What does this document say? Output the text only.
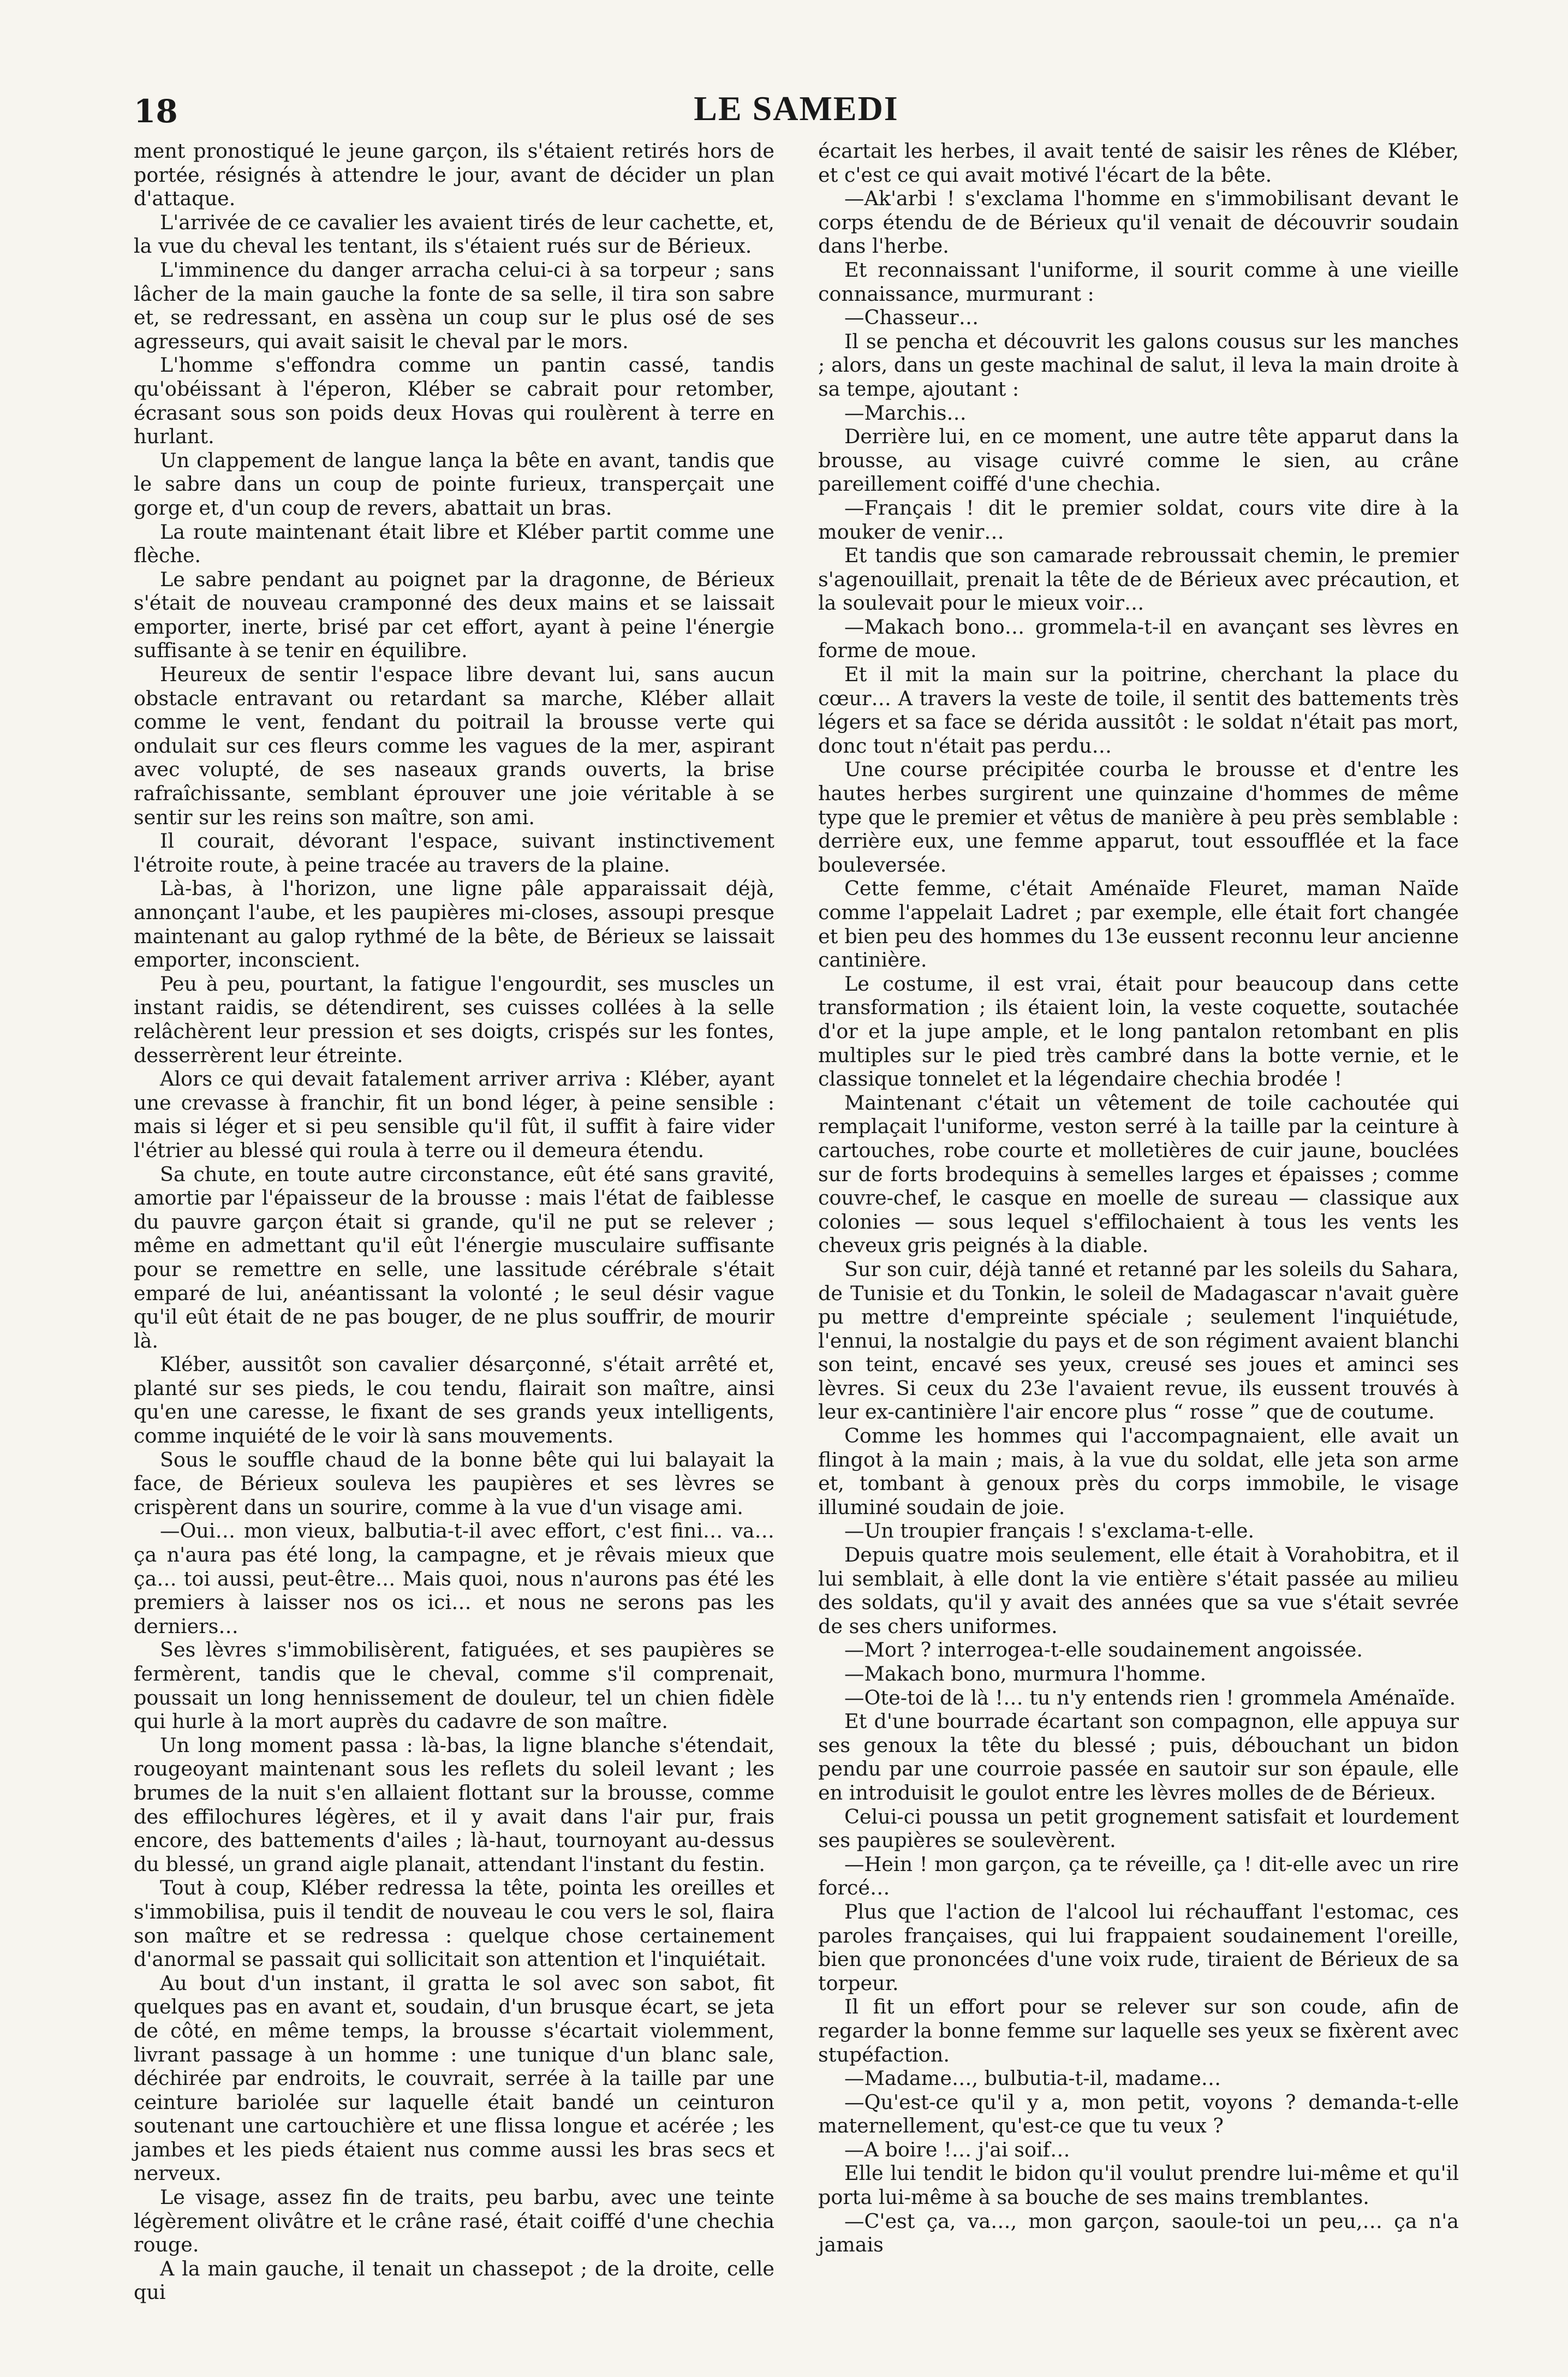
18	LE SAMEDI

ment pronostiqué le jeune garçon, ils s'étaient retirés hors de portée, résignés à attendre le jour, avant de décider un plan d'attaque.

L'arrivée de ce cavalier les avaient tirés de leur cachette, et, la vue du cheval les tentant, ils s'étaient rués sur de Bérieux.

L'imminence du danger arracha celui-ci à sa torpeur ; sans lâcher de la main gauche la fonte de sa selle, il tira son sabre et, se redressant, en assèna un coup sur le plus osé de ses agresseurs, qui avait saisit le cheval par le mors.

L'homme s'effondra comme un pantin cassé, tandis qu'obéissant à l'éperon, Kléber se cabrait pour retomber, écrasant sous son poids deux Hovas qui roulèrent à terre en hurlant.

Un clappement de langue lança la bête en avant, tandis que le sabre dans un coup de pointe furieux, transperçait une gorge et, d'un coup de revers, abattait un bras.

La route maintenant était libre et Kléber partit comme une flèche.

Le sabre pendant au poignet par la dragonne, de Bérieux s'était de nouveau cramponné des deux mains et se laissait emporter, inerte, brisé par cet effort, ayant à peine l'énergie suffisante à se tenir en équilibre.

Heureux de sentir l'espace libre devant lui, sans aucun obstacle entravant ou retardant sa marche, Kléber allait comme le vent, fendant du poitrail la brousse verte qui ondulait sur ces fleurs comme les vagues de la mer, aspirant avec volupté, de ses naseaux grands ouverts, la brise rafraîchissante, semblant éprouver une joie véritable à se sentir sur les reins son maître, son ami.

Il courait, dévorant l'espace, suivant instinctivement l'étroite route, à peine tracée au travers de la plaine.

Là-bas, à l'horizon, une ligne pâle apparaissait déjà, annonçant l'aube, et les paupières mi-closes, assoupi presque maintenant au galop rythmé de la bête, de Bérieux se laissait emporter, inconscient.

Peu à peu, pourtant, la fatigue l'engourdit, ses muscles un instant raidis, se détendirent, ses cuisses collées à la selle relâchèrent leur pression et ses doigts, crispés sur les fontes, desserrèrent leur étreinte.

Alors ce qui devait fatalement arriver arriva : Kléber, ayant une crevasse à franchir, fit un bond léger, à peine sensible : mais si léger et si peu sensible qu'il fût, il suffit à faire vider l'étrier au blessé qui roula à terre ou il demeura étendu.

Sa chute, en toute autre circonstance, eût été sans gravité, amortie par l'épaisseur de la brousse : mais l'état de faiblesse du pauvre garçon était si grande, qu'il ne put se relever ; même en admettant qu'il eût l'énergie musculaire suffisante pour se remettre en selle, une lassitude cérébrale s'était emparé de lui, anéantissant la volonté ; le seul désir vague qu'il eût était de ne pas bouger, de ne plus souffrir, de mourir là.

Kléber, aussitôt son cavalier désarçonné, s'était arrêté et, planté sur ses pieds, le cou tendu, flairait son maître, ainsi qu'en une caresse, le fixant de ses grands yeux intelligents, comme inquiété de le voir là sans mouvements.

Sous le souffle chaud de la bonne bête qui lui balayait la face, de Bérieux souleva les paupières et ses lèvres se crispèrent dans un sourire, comme à la vue d'un visage ami.

—Oui… mon vieux, balbutia-t-il avec effort, c'est fini… va… ça n'aura pas été long, la campagne, et je rêvais mieux que ça… toi aussi, peut-être… Mais quoi, nous n'aurons pas été les premiers à laisser nos os ici… et nous ne serons pas les derniers…

Ses lèvres s'immobilisèrent, fatiguées, et ses paupières se fermèrent, tandis que le cheval, comme s'il comprenait, poussait un long hennissement de douleur, tel un chien fidèle qui hurle à la mort auprès du cadavre de son maître.

Un long moment passa : là-bas, la ligne blanche s'étendait, rougeoyant maintenant sous les reflets du soleil levant ; les brumes de la nuit s'en allaient flottant sur la brousse, comme des effilochures légères, et il y avait dans l'air pur, frais encore, des battements d'ailes ; là-haut, tournoyant au-dessus du blessé, un grand aigle planait, attendant l'instant du festin.

Tout à coup, Kléber redressa la tête, pointa les oreilles et s'immobilisa, puis il tendit de nouveau le cou vers le sol, flaira son maître et se redressa : quelque chose certainement d'anormal se passait qui sollicitait son attention et l'inquiétait.

Au bout d'un instant, il gratta le sol avec son sabot, fit quelques pas en avant et, soudain, d'un brusque écart, se jeta de côté, en même temps, la brousse s'écartait violemment, livrant passage à un homme : une tunique d'un blanc sale, déchirée par endroits, le couvrait, serrée à la taille par une ceinture bariolée sur laquelle était bandé un ceinturon soutenant une cartouchière et une flissa longue et acérée ; les jambes et les pieds étaient nus comme aussi les bras secs et nerveux.

Le visage, assez fin de traits, peu barbu, avec une teinte légèrement olivâtre et le crâne rasé, était coiffé d'une chechia rouge.

A la main gauche, il tenait un chassepot ; de la droite, celle qui

écartait les herbes, il avait tenté de saisir les rênes de Kléber, et c'est ce qui avait motivé l'écart de la bête.

—Ak'arbi ! s'exclama l'homme en s'immobilisant devant le corps étendu de de Bérieux qu'il venait de découvrir soudain dans l'herbe.

Et reconnaissant l'uniforme, il sourit comme à une vieille connaissance, murmurant :

—Chasseur…

Il se pencha et découvrit les galons cousus sur les manches ; alors, dans un geste machinal de salut, il leva la main droite à sa tempe, ajoutant :

—Marchis…

Derrière lui, en ce moment, une autre tête apparut dans la brousse, au visage cuivré comme le sien, au crâne pareillement coiffé d'une chechia.

—Français ! dit le premier soldat, cours vite dire à la mouker de venir…

Et tandis que son camarade rebroussait chemin, le premier s'agenouillait, prenait la tête de de Bérieux avec précaution, et la soulevait pour le mieux voir…

—Makach bono… grommela-t-il en avançant ses lèvres en forme de moue.

Et il mit la main sur la poitrine, cherchant la place du cœur… A travers la veste de toile, il sentit des battements très légers et sa face se dérida aussitôt : le soldat n'était pas mort, donc tout n'était pas perdu…

Une course précipitée courba le brousse et d'entre les hautes herbes surgirent une quinzaine d'hommes de même type que le premier et vêtus de manière à peu près semblable : derrière eux, une femme apparut, tout essoufflée et la face bouleversée.

Cette femme, c'était Aménaïde Fleuret, maman Naïde comme l'appelait Ladret ; par exemple, elle était fort changée et bien peu des hommes du 13e eussent reconnu leur ancienne cantinière.

Le costume, il est vrai, était pour beaucoup dans cette transformation ; ils étaient loin, la veste coquette, soutachée d'or et la jupe ample, et le long pantalon retombant en plis multiples sur le pied très cambré dans la botte vernie, et le classique tonnelet et la légendaire chechia brodée !

Maintenant c'était un vêtement de toile cachoutée qui remplaçait l'uniforme, veston serré à la taille par la ceinture à cartouches, robe courte et molletières de cuir jaune, bouclées sur de forts brodequins à semelles larges et épaisses ; comme couvre-chef, le casque en moelle de sureau — classique aux colonies — sous lequel s'effilochaient à tous les vents les cheveux gris peignés à la diable.

Sur son cuir, déjà tanné et retanné par les soleils du Sahara, de Tunisie et du Tonkin, le soleil de Madagascar n'avait guère pu mettre d'empreinte spéciale ; seulement l'inquiétude, l'ennui, la nostalgie du pays et de son régiment avaient blanchi son teint, encavé ses yeux, creusé ses joues et aminci ses lèvres. Si ceux du 23e l'avaient revue, ils eussent trouvés à leur ex-cantinière l'air encore plus “ rosse ” que de coutume.

Comme les hommes qui l'accompagnaient, elle avait un flingot à la main ; mais, à la vue du soldat, elle jeta son arme et, tombant à genoux près du corps immobile, le visage illuminé soudain de joie.

—Un troupier français ! s'exclama-t-elle.

Depuis quatre mois seulement, elle était à Vorahobitra, et il lui semblait, à elle dont la vie entière s'était passée au milieu des soldats, qu'il y avait des années que sa vue s'était sevrée de ses chers uniformes.

—Mort ? interrogea-t-elle soudainement angoissée.

—Makach bono, murmura l'homme.

—Ote-toi de là !… tu n'y entends rien ! grommela Aménaïde.

Et d'une bourrade écartant son compagnon, elle appuya sur ses genoux la tête du blessé ; puis, débouchant un bidon pendu par une courroie passée en sautoir sur son épaule, elle en introduisit le goulot entre les lèvres molles de de Bérieux.

Celui-ci poussa un petit grognement satisfait et lourdement ses paupières se soulevèrent.

—Hein ! mon garçon, ça te réveille, ça ! dit-elle avec un rire forcé…

Plus que l'action de l'alcool lui réchauffant l'estomac, ces paroles françaises, qui lui frappaient soudainement l'oreille, bien que prononcées d'une voix rude, tiraient de Bérieux de sa torpeur.

Il fit un effort pour se relever sur son coude, afin de regarder la bonne femme sur laquelle ses yeux se fixèrent avec stupéfaction.

—Madame…, bulbutia-t-il, madame…

—Qu'est-ce qu'il y a, mon petit, voyons ? demanda-t-elle maternellement, qu'est-ce que tu veux ?

—A boire !… j'ai soif…

Elle lui tendit le bidon qu'il voulut prendre lui-même et qu'il porta lui-même à sa bouche de ses mains tremblantes.

—C'est ça, va…, mon garçon, saoule-toi un peu,… ça n'a jamais
